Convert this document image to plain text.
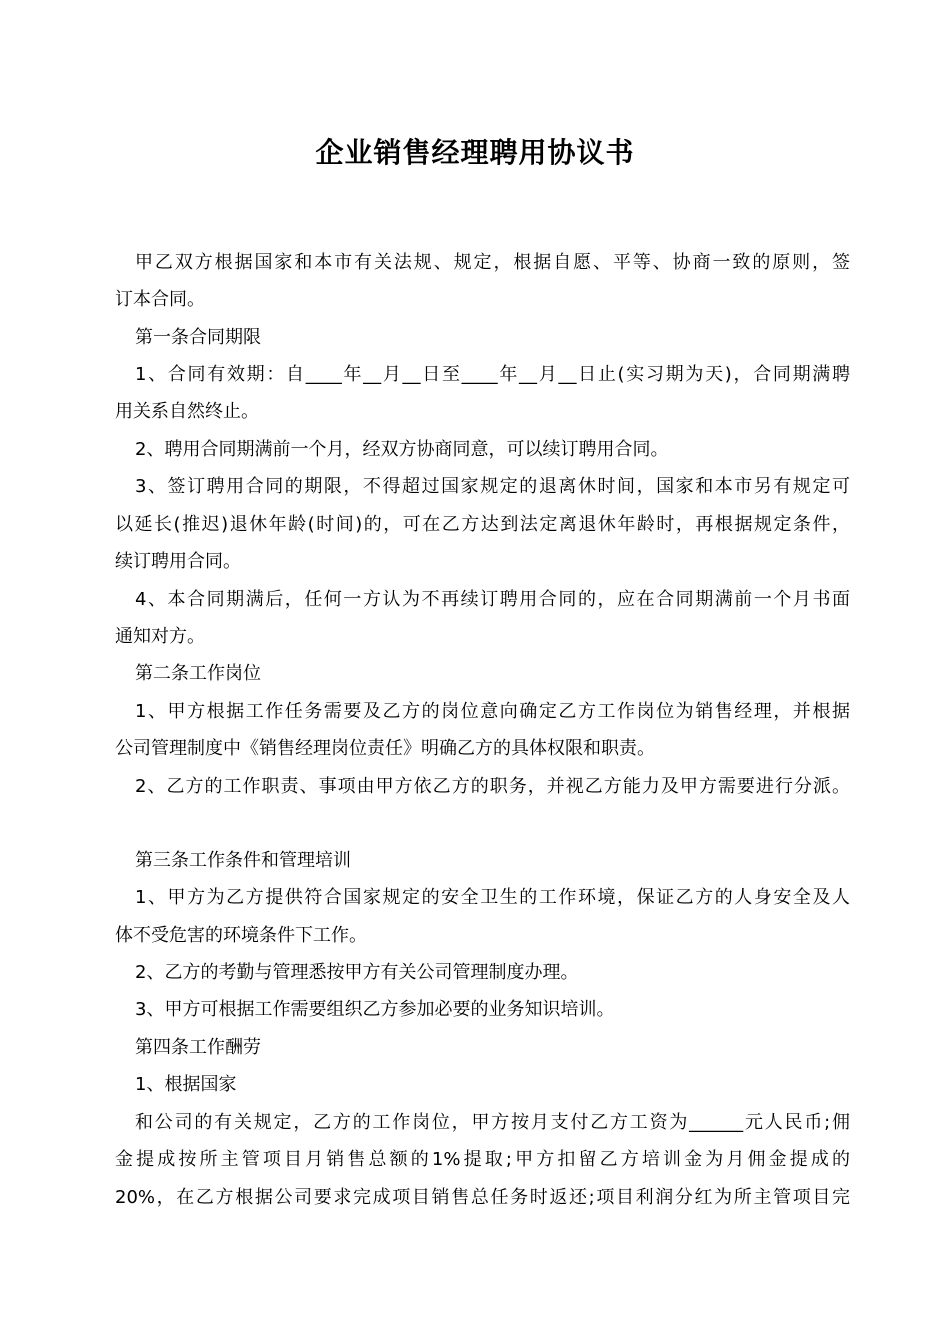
企业销售经理聘用协议书
甲乙双方根据国家和本市有关法规、规定，根据自愿、平等、协商一致的原则，签
订本合同。
第一条合同期限
1、合同有效期：自____年__月__日至____年__月__日止(实习期为天)，合同期满聘
用关系自然终止。
2、聘用合同期满前一个月，经双方协商同意，可以续订聘用合同。
3、签订聘用合同的期限，不得超过国家规定的退离休时间，国家和本市另有规定可
以延长(推迟)退休年龄(时间)的，可在乙方达到法定离退休年龄时，再根据规定条件，
续订聘用合同。
4、本合同期满后，任何一方认为不再续订聘用合同的，应在合同期满前一个月书面
通知对方。
第二条工作岗位
1、甲方根据工作任务需要及乙方的岗位意向确定乙方工作岗位为销售经理，并根据
公司管理制度中《销售经理岗位责任》明确乙方的具体权限和职责。
2、乙方的工作职责、事项由甲方依乙方的职务，并视乙方能力及甲方需要进行分派。
第三条工作条件和管理培训
1、甲方为乙方提供符合国家规定的安全卫生的工作环境，保证乙方的人身安全及人
体不受危害的环境条件下工作。
2、乙方的考勤与管理悉按甲方有关公司管理制度办理。
3、甲方可根据工作需要组织乙方参加必要的业务知识培训。
第四条工作酬劳
1、根据国家
和公司的有关规定，乙方的工作岗位，甲方按月支付乙方工资为______元人民币;佣
金提成按所主管项目月销售总额的1%提取;甲方扣留乙方培训金为月佣金提成的
20%，在乙方根据公司要求完成项目销售总任务时返还;项目利润分红为所主管项目完
